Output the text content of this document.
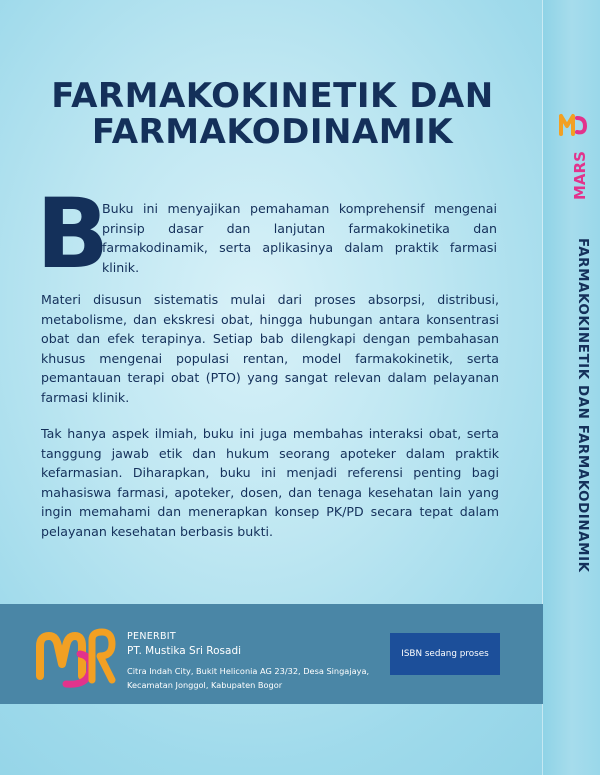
FARMAKOKINETIK DAN
FARMAKODINAMIK
B

Buku ini menyajikan pemahaman komprehensif mengenai prinsip dasar dan lanjutan farmakokinetika dan farmakodinamik, serta aplikasinya dalam praktik farmasi klinik.

Materi disusun sistematis mulai dari proses absorpsi, distribusi, metabolisme, dan ekskresi obat, hingga hubungan antara konsentrasi obat dan efek terapinya. Setiap bab dilengkapi dengan pembahasan khusus mengenai populasi rentan, model farmakokinetik, serta pemantauan terapi obat (PTO) yang sangat relevan dalam pelayanan farmasi klinik.

Tak hanya aspek ilmiah, buku ini juga membahas interaksi obat, serta tanggung jawab etik dan hukum seorang apoteker dalam praktik kefarmasian. Diharapkan, buku ini menjadi referensi penting bagi mahasiswa farmasi, apoteker, dosen, dan tenaga kesehatan lain yang ingin memahami dan menerapkan konsep PK/PD secara tepat dalam pelayanan kesehatan berbasis bukti.

PENERBIT
PT. Mustika Sri Rosadi
Citra Indah City, Bukit Heliconia AG 23/32, Desa Singajaya,
Kecamatan Jonggol, Kabupaten Bogor
ISBN sedang proses
MARS
FARMAKOKINETIK DAN FARMAKODINAMIK
